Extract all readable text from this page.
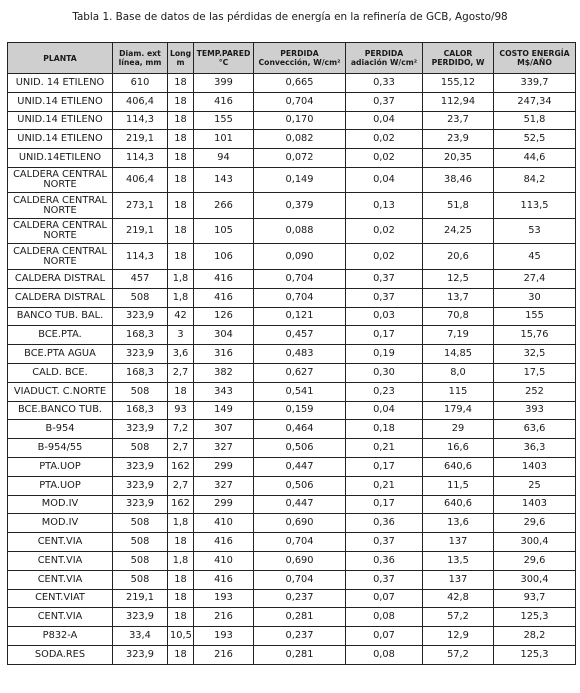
Tabla 1. Base de datos de las pérdidas de energía en la refinería de GCB, Agosto/98
PLANTA	Diam. ext línea, mm	Long m	TEMP.PARED °C	PERDIDA Convección, W/cm²	PERDIDA adiación W/cm²	CALOR PERDIDO, W	COSTO ENERGÍA M$/AÑO
UNID. 14 ETILENO	610	18	399	0,665	0,33	155,12	339,7
UNID.14 ETILENO	406,4	18	416	0,704	0,37	112,94	247,34
UNID.14 ETILENO	114,3	18	155	0,170	0,04	23,7	51,8
UNID.14 ETILENO	219,1	18	101	0,082	0,02	23,9	52,5
UNID.14ETILENO	114,3	18	94	0,072	0,02	20,35	44,6
CALDERA CENTRAL NORTE	406,4	18	143	0,149	0,04	38,46	84,2
CALDERA CENTRAL NORTE	273,1	18	266	0,379	0,13	51,8	113,5
CALDERA CENTRAL NORTE	219,1	18	105	0,088	0,02	24,25	53
CALDERA CENTRAL NORTE	114,3	18	106	0,090	0,02	20,6	45
CALDERA DISTRAL	457	1,8	416	0,704	0,37	12,5	27,4
CALDERA DISTRAL	508	1,8	416	0,704	0,37	13,7	30
BANCO TUB. BAL.	323,9	42	126	0,121	0,03	70,8	155
BCE.PTA.	168,3	3	304	0,457	0,17	7,19	15,76
BCE.PTA AGUA	323,9	3,6	316	0,483	0,19	14,85	32,5
CALD. BCE.	168,3	2,7	382	0,627	0,30	8,0	17,5
VIADUCT. C.NORTE	508	18	343	0,541	0,23	115	252
BCE.BANCO TUB.	168,3	93	149	0,159	0,04	179,4	393
B-954	323,9	7,2	307	0,464	0,18	29	63,6
B-954/55	508	2,7	327	0,506	0,21	16,6	36,3
PTA.UOP	323,9	162	299	0,447	0,17	640,6	1403
PTA.UOP	323,9	2,7	327	0,506	0,21	11,5	25
MOD.IV	323,9	162	299	0,447	0,17	640,6	1403
MOD.IV	508	1,8	410	0,690	0,36	13,6	29,6
CENT.VIA	508	18	416	0,704	0,37	137	300,4
CENT.VIA	508	1,8	410	0,690	0,36	13,5	29,6
CENT.VIA	508	18	416	0,704	0,37	137	300,4
CENT.VIAT	219,1	18	193	0,237	0,07	42,8	93,7
CENT.VIA	323,9	18	216	0,281	0,08	57,2	125,3
P832-A	33,4	10,5	193	0,237	0,07	12,9	28,2
SODA.RES	323,9	18	216	0,281	0,08	57,2	125,3
